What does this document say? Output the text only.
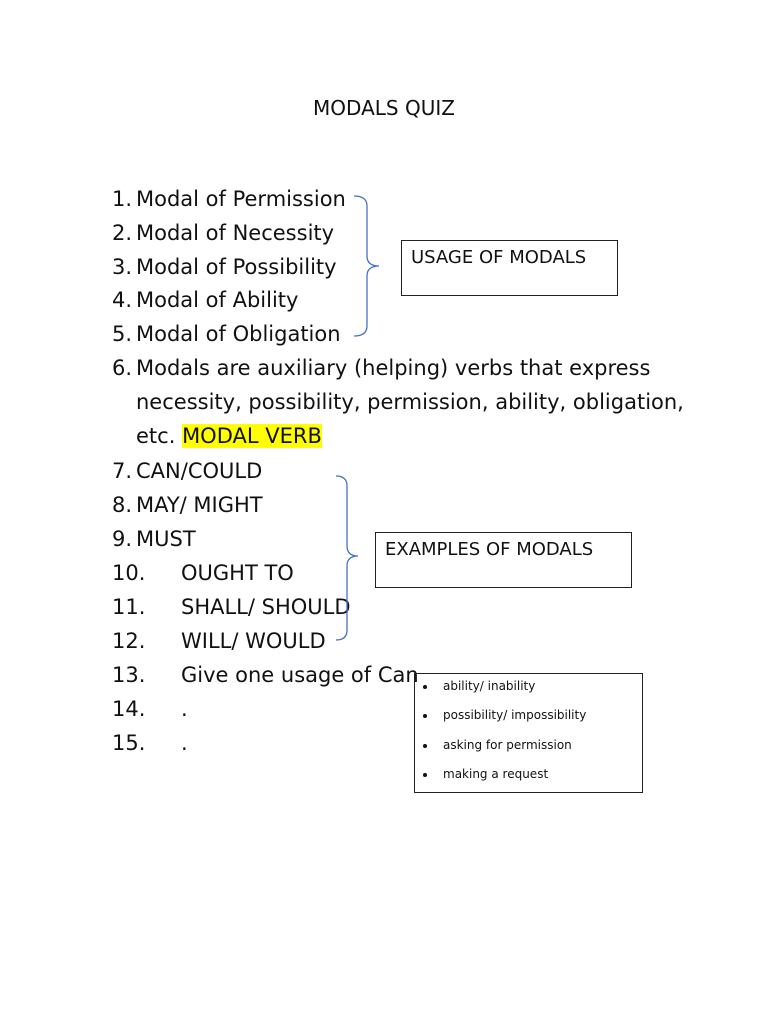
MODALS QUIZ
1. Modal of Permission
2. Modal of Necessity
3. Modal of Possibility
4. Modal of Ability
5. Modal of Obligation
6. Modals are auxiliary (helping) verbs that express
necessity, possibility, permission, ability, obligation,
etc. MODAL VERB
7. CAN/COULD
8. MAY/ MIGHT
9. MUST
10. OUGHT TO
11. SHALL/ SHOULD
12. WILL/ WOULD
13. Give one usage of Can
14. .
15. .
USAGE OF MODALS
EXAMPLES OF MODALS
ability/ inability
possibility/ impossibility
asking for permission
making a request
